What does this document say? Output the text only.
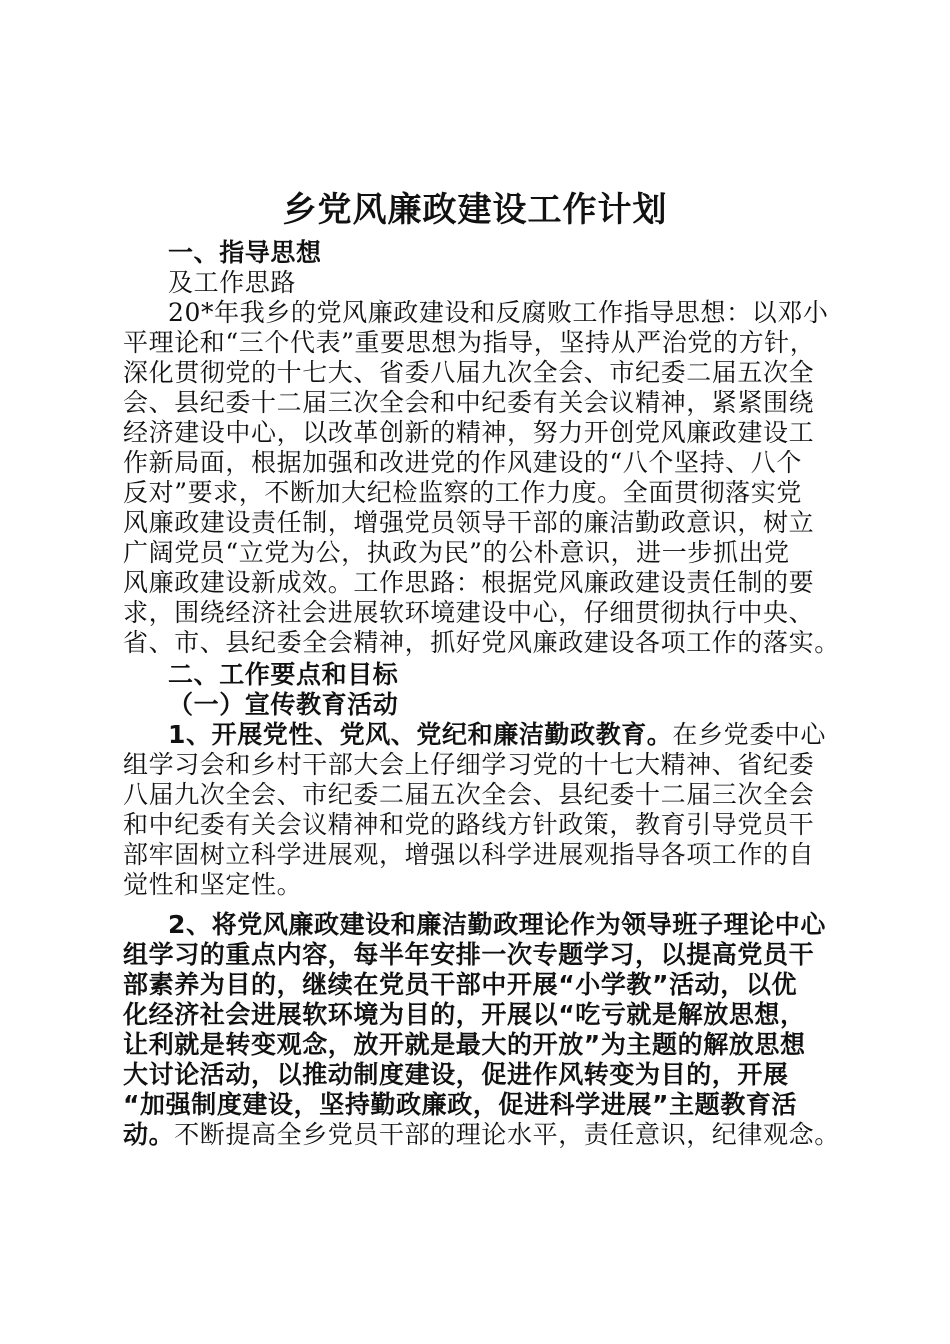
乡党风廉政建设工作计划
一、指导思想
及工作思路
20*年我乡的党风廉政建设和反腐败工作指导思想：以邓小
平理论和“三个代表”重要思想为指导，坚持从严治党的方针，
深化贯彻党的十七大、省委八届九次全会、市纪委二届五次全
会、县纪委十二届三次全会和中纪委有关会议精神，紧紧围绕
经济建设中心，以改革创新的精神，努力开创党风廉政建设工
作新局面，根据加强和改进党的作风建设的“八个坚持、八个
反对”要求，不断加大纪检监察的工作力度。全面贯彻落实党
风廉政建设责任制，增强党员领导干部的廉洁勤政意识，树立
广阔党员“立党为公，执政为民”的公朴意识，进一步抓出党
风廉政建设新成效。工作思路：根据党风廉政建设责任制的要
求，围绕经济社会进展软环境建设中心，仔细贯彻执行中央、
省、市、县纪委全会精神，抓好党风廉政建设各项工作的落实。
二、工作要点和目标
（一）宣传教育活动
1、开展党性、党风、党纪和廉洁勤政教育。在乡党委中心
组学习会和乡村干部大会上仔细学习党的十七大精神、省纪委
八届九次全会、市纪委二届五次全会、县纪委十二届三次全会
和中纪委有关会议精神和党的路线方针政策，教育引导党员干
部牢固树立科学进展观，增强以科学进展观指导各项工作的自
觉性和坚定性。
2、将党风廉政建设和廉洁勤政理论作为领导班子理论中心
组学习的重点内容，每半年安排一次专题学习，以提高党员干
部素养为目的，继续在党员干部中开展“小学教”活动，以优
化经济社会进展软环境为目的，开展以“吃亏就是解放思想，
让利就是转变观念，放开就是最大的开放”为主题的解放思想
大讨论活动，以推动制度建设，促进作风转变为目的，开展
“加强制度建设，坚持勤政廉政，促进科学进展”主题教育活
动。不断提高全乡党员干部的理论水平，责任意识，纪律观念。
